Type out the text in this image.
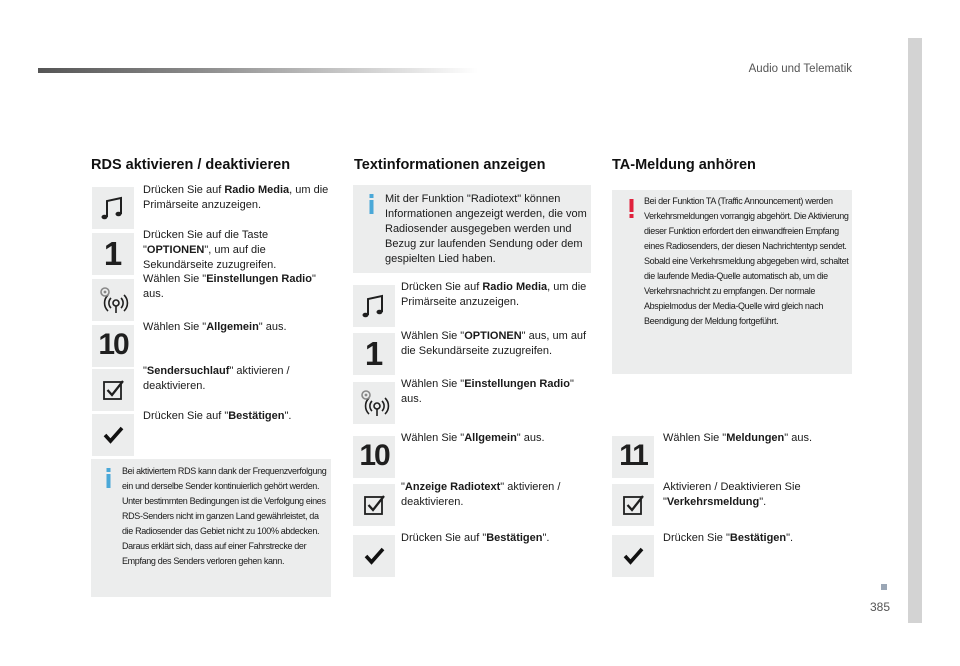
Audio und Telematik
385
RDS aktivieren / deaktivieren
Drücken Sie auf Radio Media, um die Primärseite anzuzeigen.
1	Drücken Sie auf die Taste "OPTIONEN", um auf die Sekundärseite zuzugreifen.
Wählen Sie "Einstellungen Radio" aus.
10
Wählen Sie "Allgemein" aus.
"Sendersuchlauf" aktivieren / deaktivieren.
Drücken Sie auf "Bestätigen".
Bei aktiviertem RDS kann dank der Frequenzverfolgung ein und derselbe Sender kontinuierlich gehört werden. Unter bestimmten Bedingungen ist die Verfolgung eines RDS-Senders nicht im ganzen Land gewährleistet, da die Radiosender das Gebiet nicht zu 100% abdecken. Daraus erklärt sich, dass auf einer Fahrstrecke der Empfang des Senders verloren gehen kann.
Textinformationen anzeigen
Mit der Funktion "Radiotext" können Informationen angezeigt werden, die vom Radiosender ausgegeben werden und Bezug zur laufenden Sendung oder dem gespielten Lied haben.
Drücken Sie auf Radio Media, um die Primärseite anzuzeigen.
1	Wählen Sie "OPTIONEN" aus, um auf die Sekundärseite zuzugreifen.
Wählen Sie "Einstellungen Radio" aus.
10
Wählen Sie "Allgemein" aus.
"Anzeige Radiotext" aktivieren / deaktivieren.
Drücken Sie auf "Bestätigen".
TA-Meldung anhören
Bei der Funktion TA (Traffic Announcement) werden Verkehrsmeldungen vorrangig abgehört. Die Aktivierung dieser Funktion erfordert den einwandfreien Empfang eines Radiosenders, der diesen Nachrichtentyp sendet. Sobald eine Verkehrsmeldung abgegeben wird, schaltet die laufende Media-Quelle automatisch ab, um die Verkehrsnachricht zu empfangen. Der normale Abspielmodus der Media-Quelle wird gleich nach Beendigung der Meldung fortgeführt.
11
Wählen Sie "Meldungen" aus.
Aktivieren / Deaktivieren Sie "Verkehrsmeldung".
Drücken Sie "Bestätigen".
